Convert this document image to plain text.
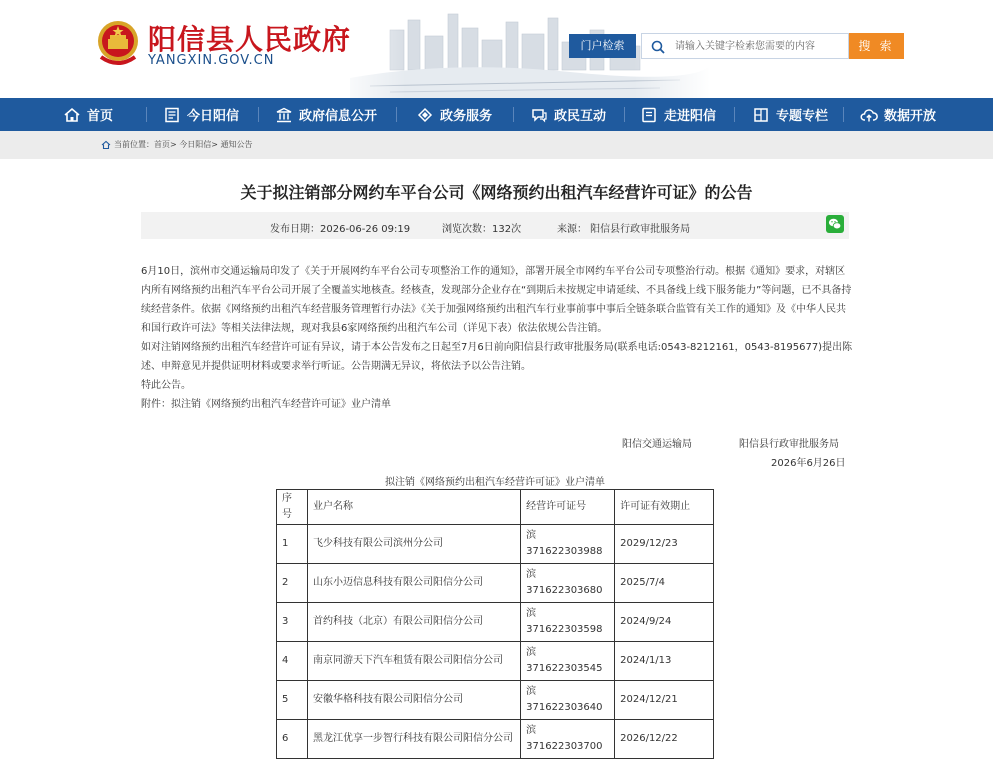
阳信县人民政府
YANGXIN.GOV.CN
门户检索
请输入关键字检索您需要的内容	搜 索
首页	今日阳信	政府信息公开	政务服务	政民互动	走进阳信	专题专栏	数据开放
当前位置：首页> 今日阳信> 通知公告
关于拟注销部分网约车平台公司《网络预约出租汽车经营许可证》的公告
发布日期：2026-06-26 09:19	浏览次数：132次	来源： 阳信县行政审批服务局

6月10日，滨州市交通运输局印发了《关于开展网约车平台公司专项整治工作的通知》，部署开展全市网约车平台公司专项整治行动。根据《通知》要求，对辖区内所有网络预约出租汽车平台公司开展了全覆盖实地核查。经核查，发现部分企业存在“到期后未按规定申请延续、不具备线上线下服务能力”等问题，已不具备持续经营条件。依据《网络预约出租汽车经营服务管理暂行办法》《关于加强网络预约出租汽车行业事前事中事后全链条联合监管有关工作的通知》及《中华人民共和国行政许可法》等相关法律法规，现对我县6家网络预约出租汽车公司（详见下表）依法依规公告注销。

如对注销网络预约出租汽车经营许可证有异议，请于本公告发布之日起至7月6日前向阳信县行政审批服务局(联系电话:0543-8212161，0543-8195677)提出陈述、申辩意见并提供证明材料或要求举行听证。公告期满无异议，将依法予以公告注销。

特此公告。

附件：拟注销《网络预约出租汽车经营许可证》业户清单

阳信交通运输局	阳信县行政审批服务局
2026年6月26日
拟注销《网络预约出租汽车经营许可证》业户清单
序号	业户名称	经营许可证号	许可证有效期止
1	飞少科技有限公司滨州分公司	滨371622303988	2029/12/23
2	山东小迈信息科技有限公司阳信分公司	滨371622303680	2025/7/4
3	首约科技（北京）有限公司阳信分公司	滨371622303598	2024/9/24
4	南京同游天下汽车租赁有限公司阳信分公司	滨371622303545	2024/1/13
5	安徽华格科技有限公司阳信分公司	滨371622303640	2024/12/21
6	黑龙江优享一步智行科技有限公司阳信分公司	滨371622303700	2026/12/22
